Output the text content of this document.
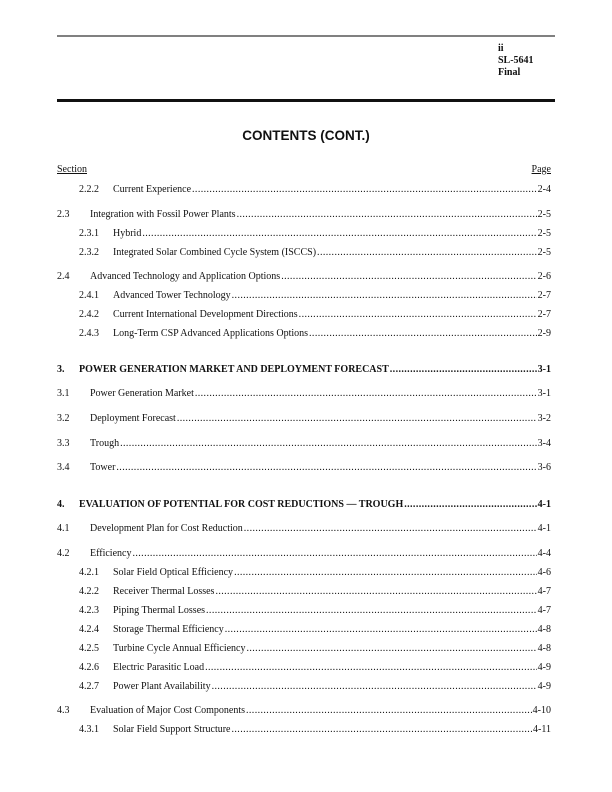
ii
SL-5641
Final
CONTENTS (CONT.)
Section	Page
2.2.2 Current Experience .....	2-4
2.3 Integration with Fossil Power Plants .....	2-5
2.3.1 Hybrid .....	2-5
2.3.2 Integrated Solar Combined Cycle System (ISCCS) .....	2-5
2.4 Advanced Technology and Application Options .....	2-6
2.4.1 Advanced Tower Technology .....	2-7
2.4.2 Current International Development Directions .....	2-7
2.4.3 Long-Term CSP Advanced Applications Options .....	2-9
3. POWER GENERATION MARKET AND DEPLOYMENT FORECAST .....	3-1
3.1 Power Generation Market .....	3-1
3.2 Deployment Forecast .....	3-2
3.3 Trough .....	3-4
3.4 Tower .....	3-6
4. EVALUATION OF POTENTIAL FOR COST REDUCTIONS — TROUGH .....	4-1
4.1 Development Plan for Cost Reduction .....	4-1
4.2 Efficiency .....	4-4
4.2.1 Solar Field Optical Efficiency .....	4-6
4.2.2 Receiver Thermal Losses .....	4-7
4.2.3 Piping Thermal Losses .....	4-7
4.2.4 Storage Thermal Efficiency .....	4-8
4.2.5 Turbine Cycle Annual Efficiency .....	4-8
4.2.6 Electric Parasitic Load .....	4-9
4.2.7 Power Plant Availability .....	4-9
4.3 Evaluation of Major Cost Components .....	4-10
4.3.1 Solar Field Support Structure .....	4-11
